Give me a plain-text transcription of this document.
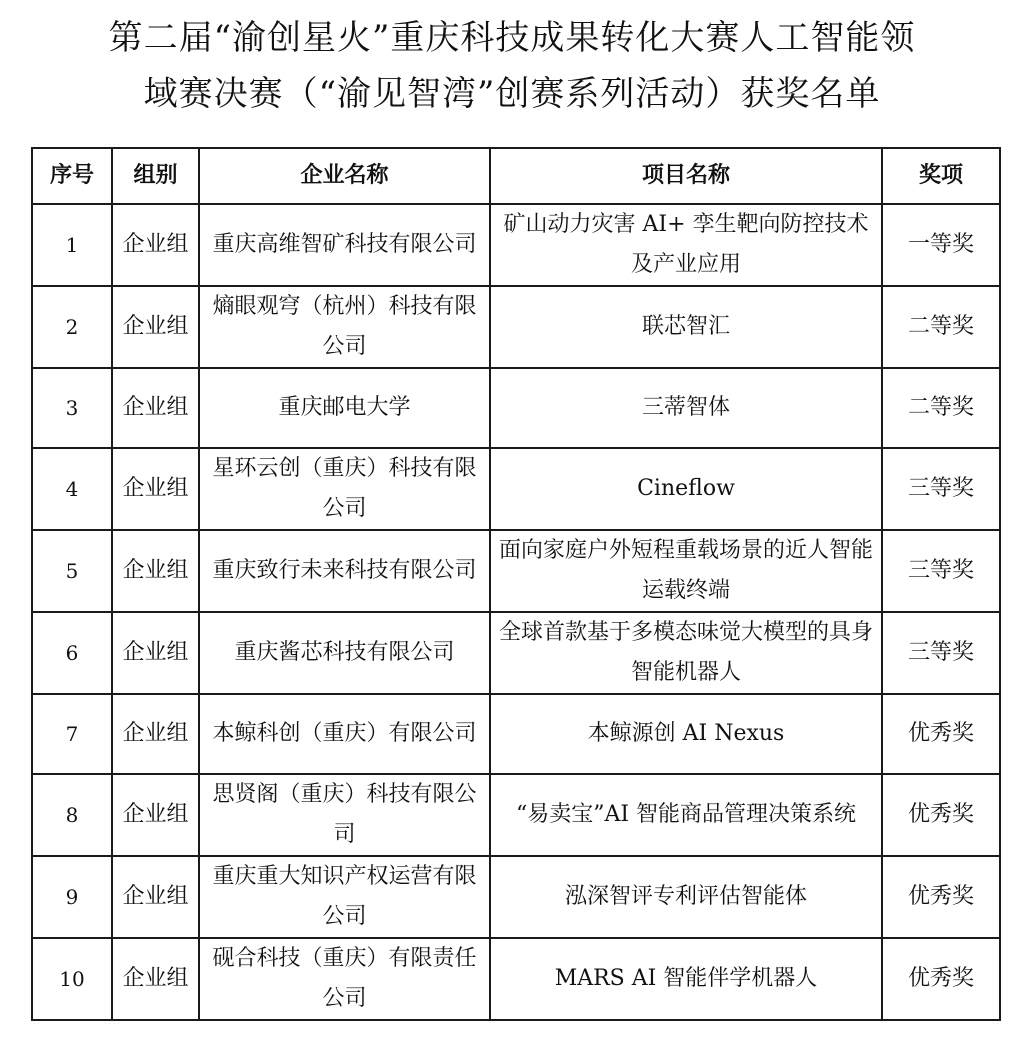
第二届“渝创星火”重庆科技成果转化大赛人工智能领
域赛决赛（“渝见智湾”创赛系列活动）获奖名单
序号	组别	企业名称	项目名称	奖项
1	企业组	重庆高维智矿科技有限公司	矿山动力灾害 AI+ 孪生靶向防控技术及产业应用	一等奖
2	企业组	熵眼观穹（杭州）科技有限公司	联芯智汇	二等奖
3	企业组	重庆邮电大学	三蒂智体	二等奖
4	企业组	星环云创（重庆）科技有限公司	Cineflow	三等奖
5	企业组	重庆致行未来科技有限公司	面向家庭户外短程重载场景的近人智能运载终端	三等奖
6	企业组	重庆酱芯科技有限公司	全球首款基于多模态味觉大模型的具身智能机器人	三等奖
7	企业组	本鲸科创（重庆）有限公司	本鲸源创 AI Nexus	优秀奖
8	企业组	思贤阁（重庆）科技有限公司	“易卖宝”AI 智能商品管理决策系统	优秀奖
9	企业组	重庆重大知识产权运营有限公司	泓深智评专利评估智能体	优秀奖
10	企业组	砚合科技（重庆）有限责任公司	MARS AI 智能伴学机器人	优秀奖
